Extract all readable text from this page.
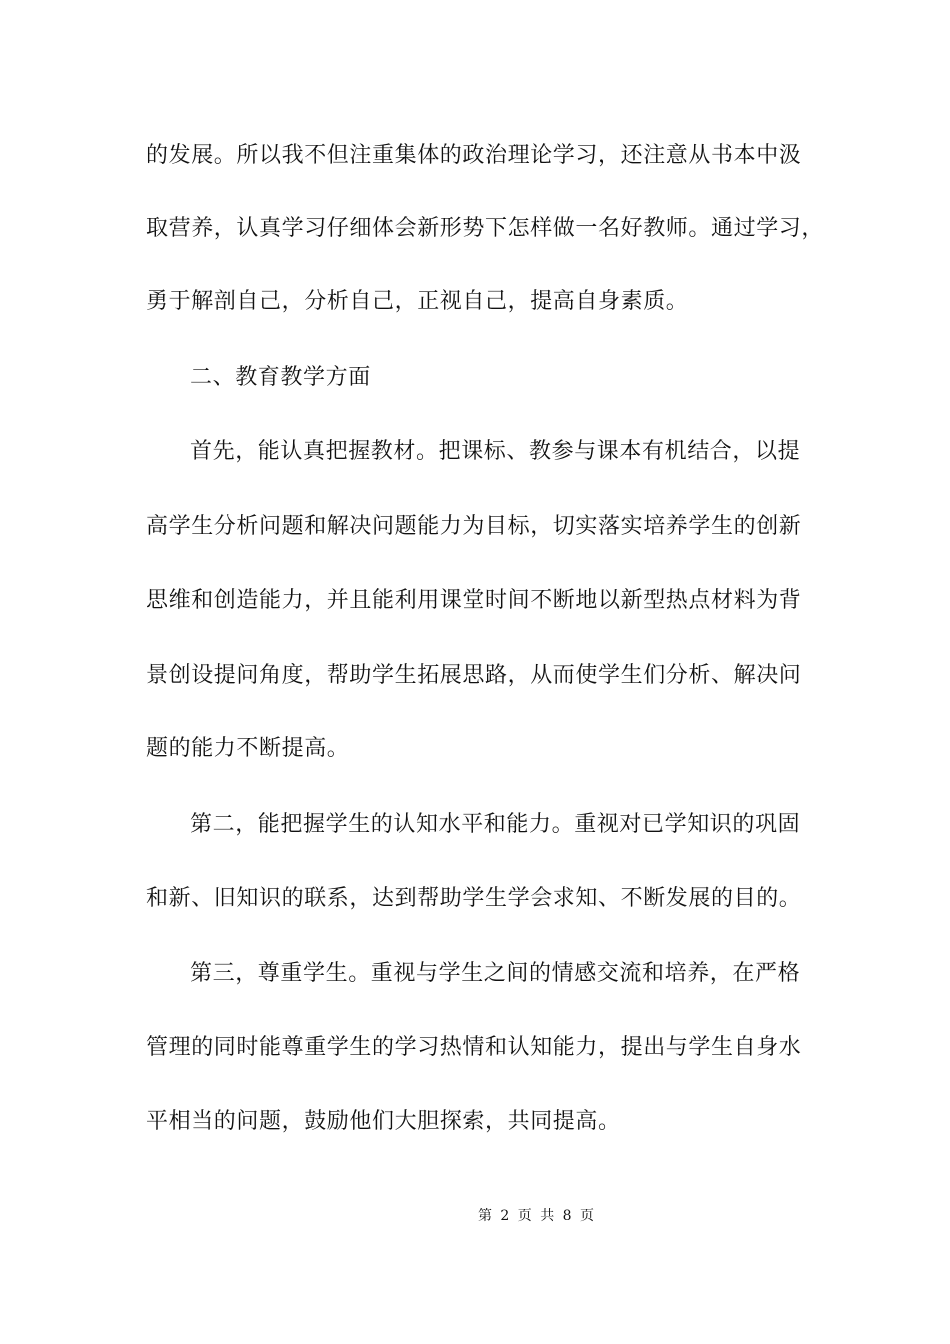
的发展。所以我不但注重集体的政治理论学习，还注意从书本中汲
取营养，认真学习仔细体会新形势下怎样做一名好教师。通过学习，
勇于解剖自己，分析自己，正视自己，提高自身素质。
二、教育教学方面
首先，能认真把握教材。把课标、教参与课本有机结合，以提
高学生分析问题和解决问题能力为目标，切实落实培养学生的创新
思维和创造能力，并且能利用课堂时间不断地以新型热点材料为背
景创设提问角度，帮助学生拓展思路，从而使学生们分析、解决问
题的能力不断提高。
第二，能把握学生的认知水平和能力。重视对已学知识的巩固
和新、旧知识的联系，达到帮助学生学会求知、不断发展的目的。
第三，尊重学生。重视与学生之间的情感交流和培养，在严格
管理的同时能尊重学生的学习热情和认知能力，提出与学生自身水
平相当的问题，鼓励他们大胆探索，共同提高。
第 2 页 共 8 页
